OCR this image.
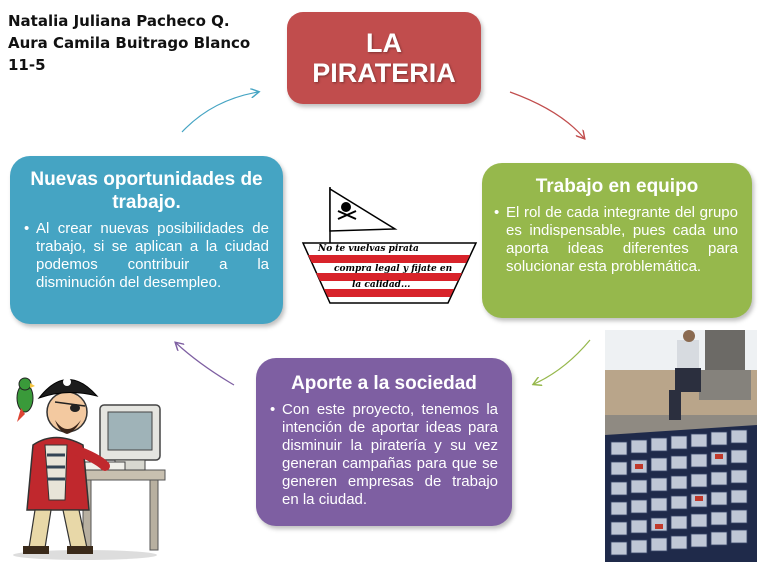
Natalia Juliana Pacheco Q.
Aura Camila Buitrago Blanco
11-5
LA
PIRATERIA
Nuevas oportunidades de trabajo.

• Al crear nuevas posibilidades de trabajo, si se aplican a la ciudad podemos contribuir a la disminución del desempleo.

Trabajo en equipo

• El rol de cada integrante del grupo es indispensable, pues cada uno aporta ideas diferentes para solucionar esta problemática.

Aporte a la sociedad

• Con este proyecto, tenemos la intención de aportar ideas para disminuir la piratería y su vez generan campañas para que se generen empresas de trabajo en la ciudad.

No te vuelvas pirata
compra legal y fijate en
la calidad...
